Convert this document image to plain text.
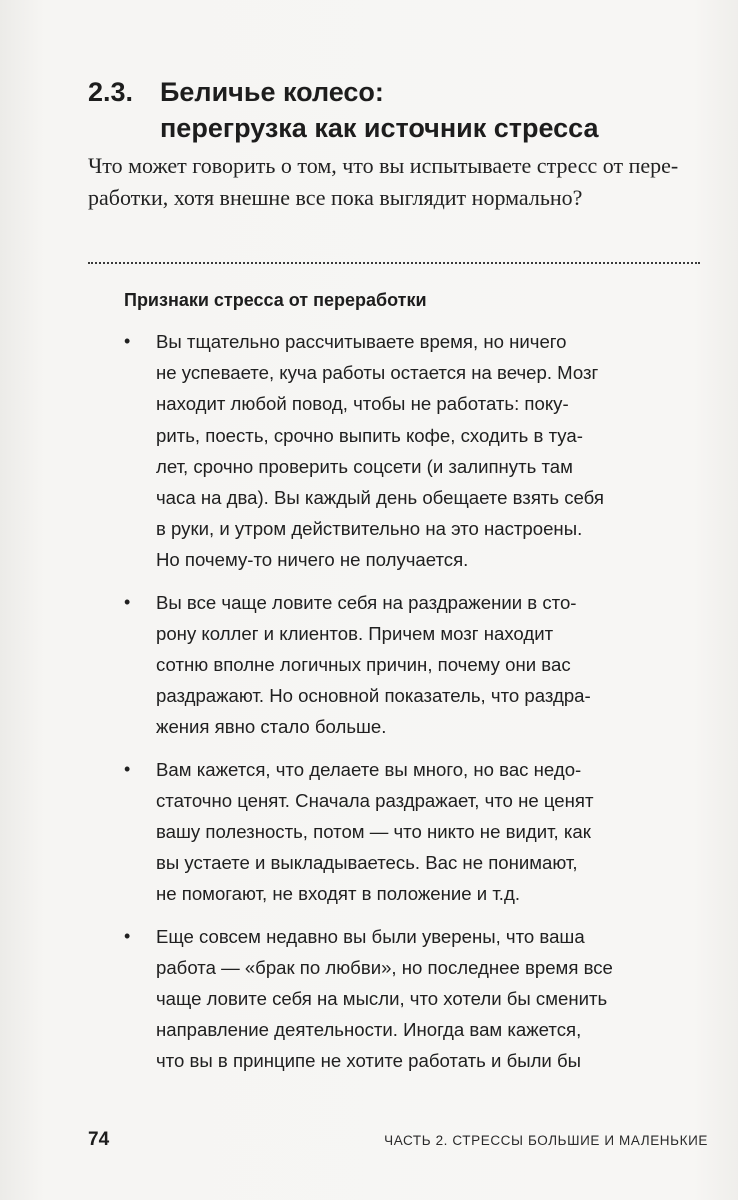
2.3. Беличье колесо:
перегрузка как источник стресса
Что может говорить о том, что вы испытываете стресс от пере-
работки, хотя внешне все пока выглядит нормально?
Признаки стресса от переработки
•	Вы тщательно рассчитываете время, но ничего
не успеваете, куча работы остается на вечер. Мозг
находит любой повод, чтобы не работать: поку-
рить, поесть, срочно выпить кофе, сходить в туа-
лет, срочно проверить соцсети (и залипнуть там
часа на два). Вы каждый день обещаете взять себя
в руки, и утром действительно на это настроены.
Но почему-то ничего не получается.
•	Вы все чаще ловите себя на раздражении в сто-
рону коллег и клиентов. Причем мозг находит
сотню вполне логичных причин, почему они вас
раздражают. Но основной показатель, что раздра-
жения явно стало больше.
•	Вам кажется, что делаете вы много, но вас недо-
статочно ценят. Сначала раздражает, что не ценят
вашу полезность, потом — что никто не видит, как
вы устаете и выкладываетесь. Вас не понимают,
не помогают, не входят в положение и т.д.
•	Еще совсем недавно вы были уверены, что ваша
работа — «брак по любви», но последнее время все
чаще ловите себя на мысли, что хотели бы сменить
направление деятельности. Иногда вам кажется,
что вы в принципе не хотите работать и были бы
74	ЧАСТЬ 2. СТРЕССЫ БОЛЬШИЕ И МАЛЕНЬКИЕ
